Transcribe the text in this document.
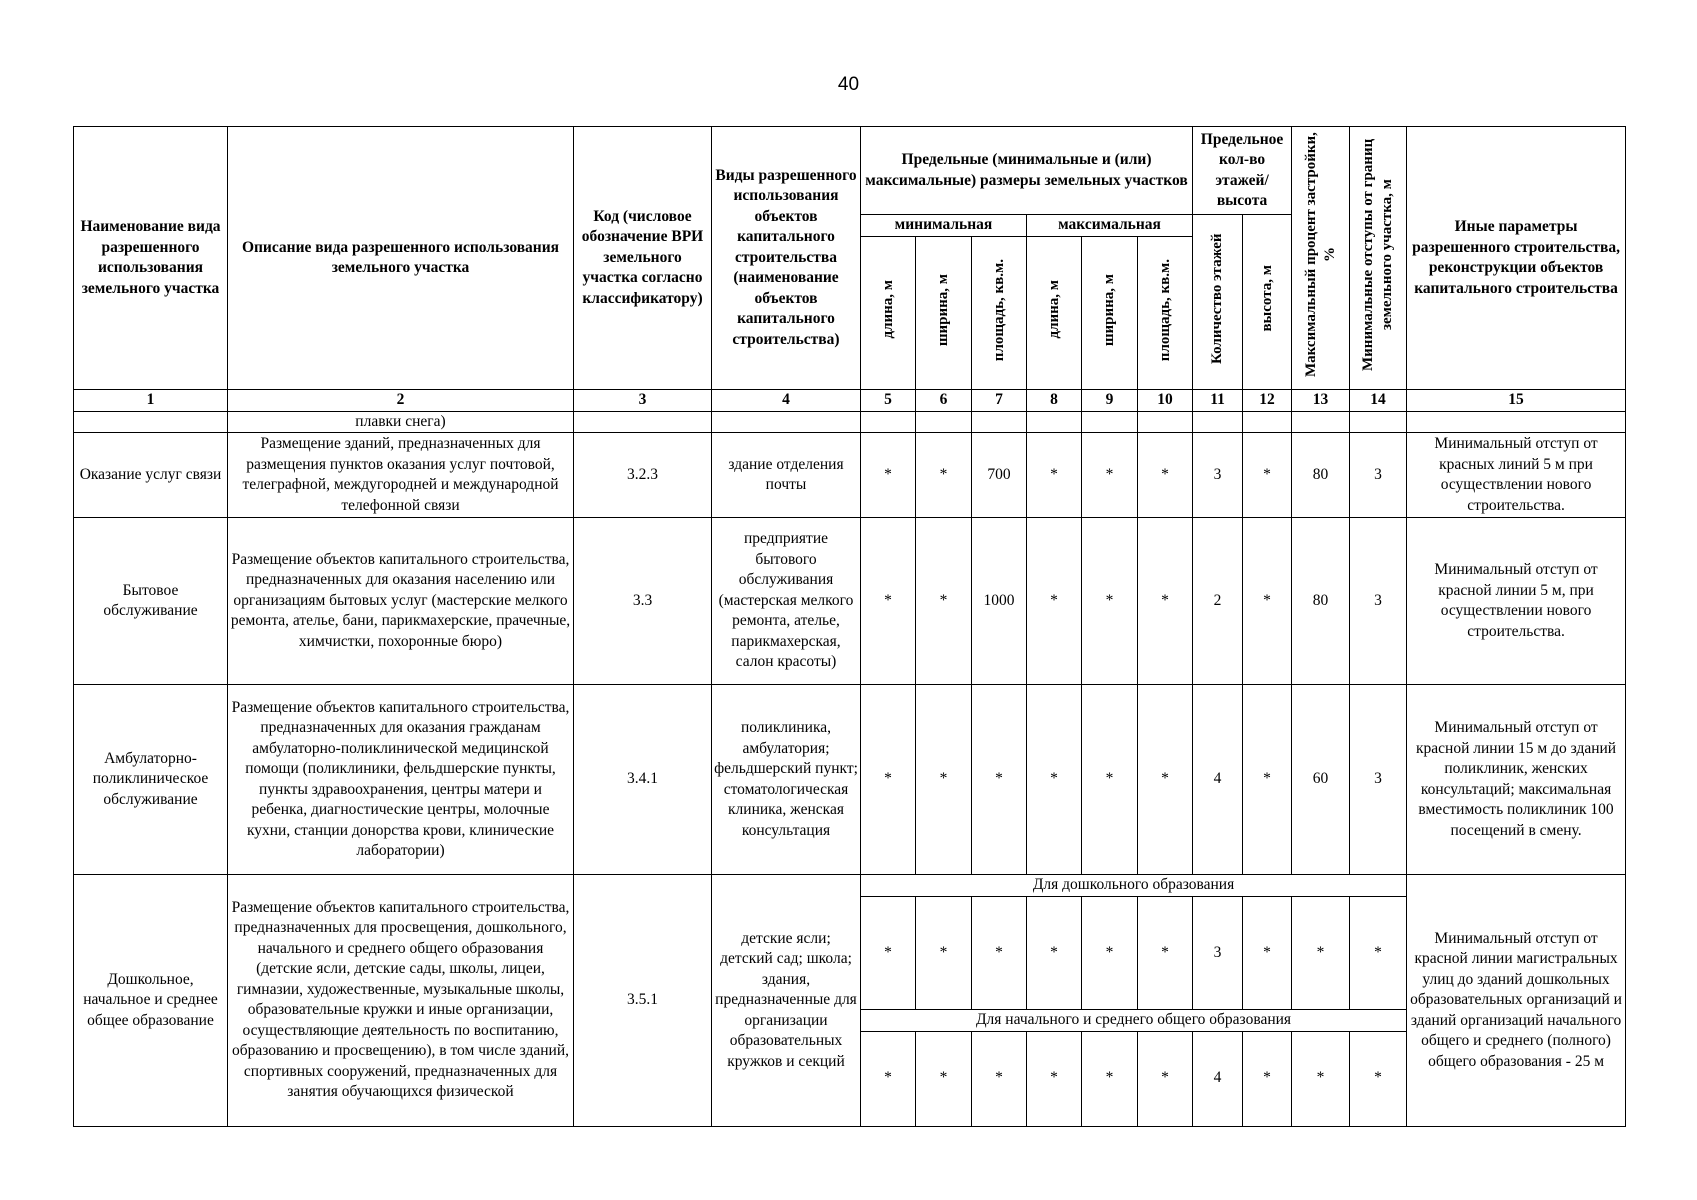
40
Наименование вида разрешенного использования земельного участка	Описание вида разрешенного использования земельного участка	Код (числовое обозначение ВРИ земельного участка согласно классификатору)	Виды разрешенного использования объектов капитального строительства (наименование объектов капитального строительства)	Предельные (минимальные и (или) максимальные) размеры земельных участков						Предельное кол-во этажей/ высота		Максимальный процент застройки, %	Минимальные отступы от границ земельного участка, м	Иные параметры разрешенного строительства, реконструкции объектов капитального строительства
				минимальная			максимальная			Количество этажей	высота, м			
				длина, м	ширина, м	площадь, кв.м.	длина, м	ширина, м	площадь, кв.м.					
1	2	3	4	5	6	7	8	9	10	11	12	13	14	15
	плавки снега)													
Оказание услуг связи	Размещение зданий, предназначенных для размещения пунктов оказания услуг почтовой, телеграфной, междугородней и международной телефонной связи	3.2.3	здание отделения почты	*	*	700	*	*	*	3	*	80	3	Минимальный отступ от красных линий 5 м при осуществлении нового строительства.
Бытовое обслуживание	Размещение объектов капитального строительства, предназначенных для оказания населению или организациям бытовых услуг (мастерские мелкого ремонта, ателье, бани, парикмахерские, прачечные, химчистки, похоронные бюро)	3.3	предприятие бытового обслуживания (мастерская мелкого ремонта, ателье, парикмахерская, салон красоты)	*	*	1000	*	*	*	2	*	80	3	Минимальный отступ от красной линии 5 м, при осуществлении нового строительства.
Амбулаторно-поликлиническое обслуживание	Размещение объектов капитального строительства, предназначенных для оказания гражданам амбулаторно-поликлинической медицинской помощи (поликлиники, фельдшерские пункты, пункты здравоохранения, центры матери и ребенка, диагностические центры, молочные кухни, станции донорства крови, клинические лаборатории)	3.4.1	поликлиника, амбулатория; фельдшерский пункт; стоматологическая клиника, женская консультация	*	*	*	*	*	*	4	*	60	3	Минимальный отступ от красной линии 15 м до зданий поликлиник, женских консультаций; максимальная вместимость поликлиник 100 посещений в смену.
Дошкольное, начальное и среднее общее образование	Размещение объектов капитального строительства, предназначенных для просвещения, дошкольного, начального и среднего общего образования (детские ясли, детские сады, школы, лицеи, гимназии, художественные, музыкальные школы, образовательные кружки и иные организации, осуществляющие деятельность по воспитанию, образованию и просвещению), в том числе зданий, спортивных сооружений, предназначенных для занятия обучающихся физической	3.5.1	детские ясли; детский сад; школа; здания, предназначенные для организации образовательных кружков и секций	Для дошкольного образования										Минимальный отступ от красной линии магистральных улиц до зданий дошкольных образовательных организаций и зданий организаций начального общего и среднего (полного) общего образования - 25 м
				*	*	*	*	*	*	3	*	*	*	
				Для начального и среднего общего образования										
				*	*	*	*	*	*	4	*	*	*	
